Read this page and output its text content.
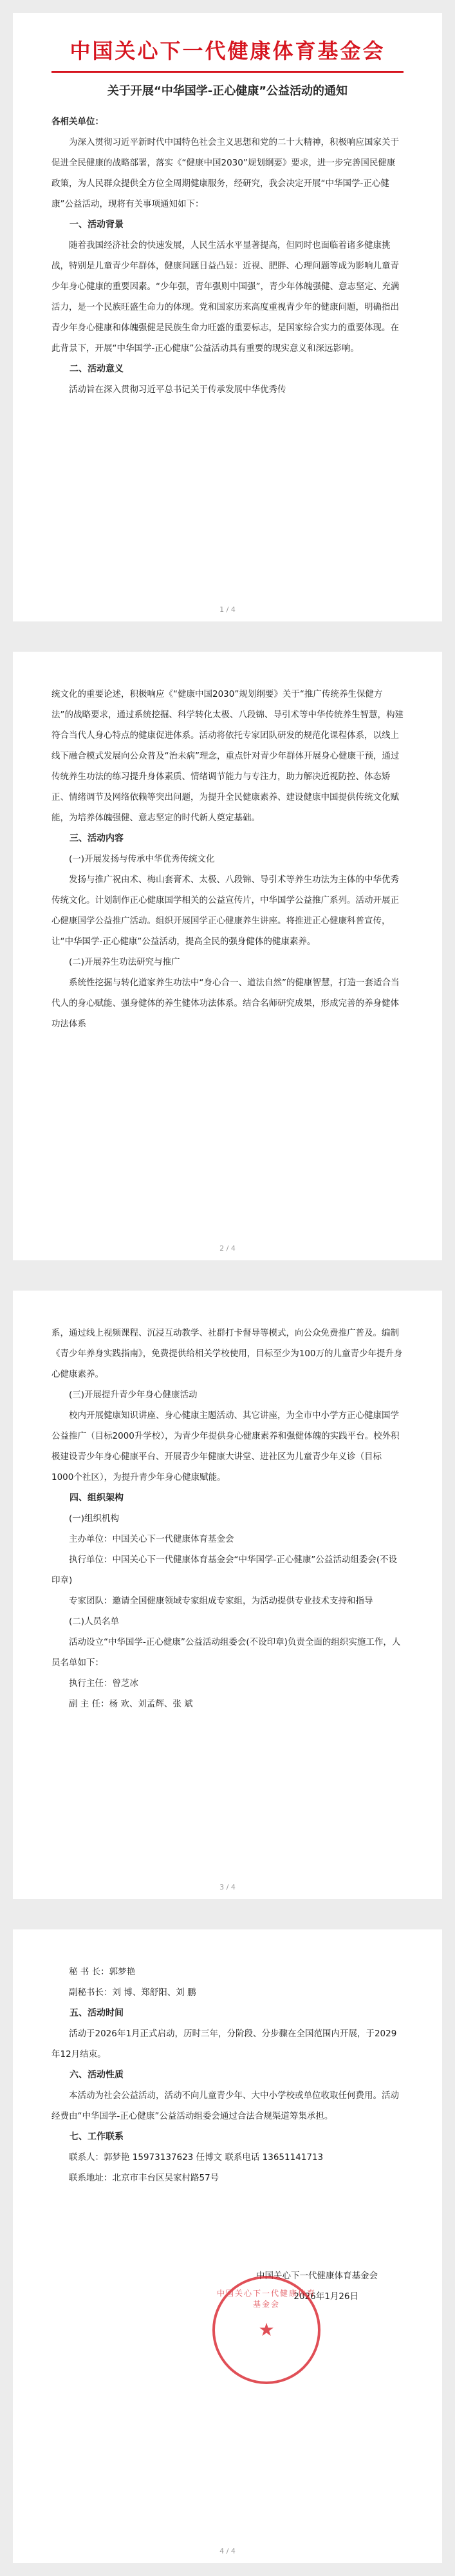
中国关心下一代健康体育基金会
关于开展“中华国学-正心健康”公益活动的通知
各相关单位：

为深入贯彻习近平新时代中国特色社会主义思想和党的二十大精神，积极响应国家关于促进全民健康的战略部署，落实《“健康中国2030”规划纲要》要求，进一步完善国民健康政策，为人民群众提供全方位全周期健康服务，经研究，我会决定开展“中华国学-正心健康”公益活动，现将有关事项通知如下：

一、活动背景

随着我国经济社会的快速发展，人民生活水平显著提高，但同时也面临着诸多健康挑战，特别是儿童青少年群体，健康问题日益凸显：近视、肥胖、心理问题等成为影响儿童青少年身心健康的重要因素。“少年强，青年强则中国强”，青少年体魄强健、意志坚定、充满活力，是一个民族旺盛生命力的体现。党和国家历来高度重视青少年的健康问题，明确指出青少年身心健康和体魄强健是民族生命力旺盛的重要标志，是国家综合实力的重要体现。在此背景下，开展“中华国学-正心健康”公益活动具有重要的现实意义和深远影响。

二、活动意义

活动旨在深入贯彻习近平总书记关于传承发展中华优秀传

1 / 4

统文化的重要论述，积极响应《“健康中国2030”规划纲要》关于“推广传统养生保健方法”的战略要求，通过系统挖掘、科学转化太极、八段锦、导引术等中华传统养生智慧，构建符合当代人身心特点的健康促进体系。活动将依托专家团队研发的规范化课程体系，以线上线下融合模式发展向公众普及“治未病”理念，重点针对青少年群体开展身心健康干预，通过传统养生功法的练习提升身体素质、情绪调节能力与专注力，助力解决近视防控、体态矫正、情绪调节及网络依赖等突出问题，为提升全民健康素养、建设健康中国提供传统文化赋能，为培养体魄强健、意志坚定的时代新人奠定基础。

三、活动内容
(一)开展发扬与传承中华优秀传统文化

发扬与推广祝由术、梅山套膏术、太极、八段锦、导引术等养生功法为主体的中华优秀传统文化。计划制作正心健康国学相关的公益宣传片，中华国学公益推广系列。活动开展正心健康国学公益推广活动。组织开展国学正心健康养生讲座。将推进正心健康科普宣传，让“中华国学-正心健康”公益活动，提高全民的强身健体的健康素养。

(二)开展养生功法研究与推广

系统性挖掘与转化道家养生功法中“身心合一、道法自然”的健康智慧，打造一套适合当代人的身心赋能、强身健体的养生健体功法体系。结合名师研究成果，形成完善的养身健体功法体系

2 / 4

系，通过线上视频课程、沉浸互动教学、社群打卡督导等模式，向公众免费推广普及。编制《青少年养身实践指南》，免费提供给相关学校使用，目标至少为100万的儿童青少年提升身心健康素养。

(三)开展提升青少年身心健康活动

校内开展健康知识讲座、身心健康主题活动、其它讲座，为全市中小学方正心健康国学公益推广（目标2000升学校），为青少年提供身心健康素养和强健体魄的实践平台。校外积极建设青少年身心健康平台、开展青少年健康大讲堂、进社区为儿童青少年义诊（目标1000个社区），为提升青少年身心健康赋能。

四、组织架构
(一)组织机构

主办单位：中国关心下一代健康体育基金会

执行单位：中国关心下一代健康体育基金会“中华国学-正心健康”公益活动组委会(不设印章)

专家团队：邀请全国健康领域专家组成专家组，为活动提供专业技术支持和指导

(二)人员名单

活动设立“中华国学-正心健康”公益活动组委会(不设印章)负责全面的组织实施工作，人员名单如下：

执行主任：曾芝冰

副 主 任：杨 欢、刘孟辉、张 斌

3 / 4

秘 书 长：郭梦艳

副秘书长：刘 博、郑舒阳、刘 鹏

五、活动时间

活动于2026年1月正式启动，历时三年，分阶段、分步骤在全国范围内开展，于2029年12月结束。

六、活动性质

本活动为社会公益活动，活动不向儿童青少年、大中小学校或单位收取任何费用。活动经费由“中华国学-正心健康”公益活动组委会通过合法合规渠道筹集承担。

七、工作联系

联系人：郭梦艳 15973137623 任博文 联系电话 13651141713

联系地址：北京市丰台区吴家村路57号

中国关心下一代健康体育基金会

2026年1月26日

中国关心下一代健康体育基金会
★
4 / 4
